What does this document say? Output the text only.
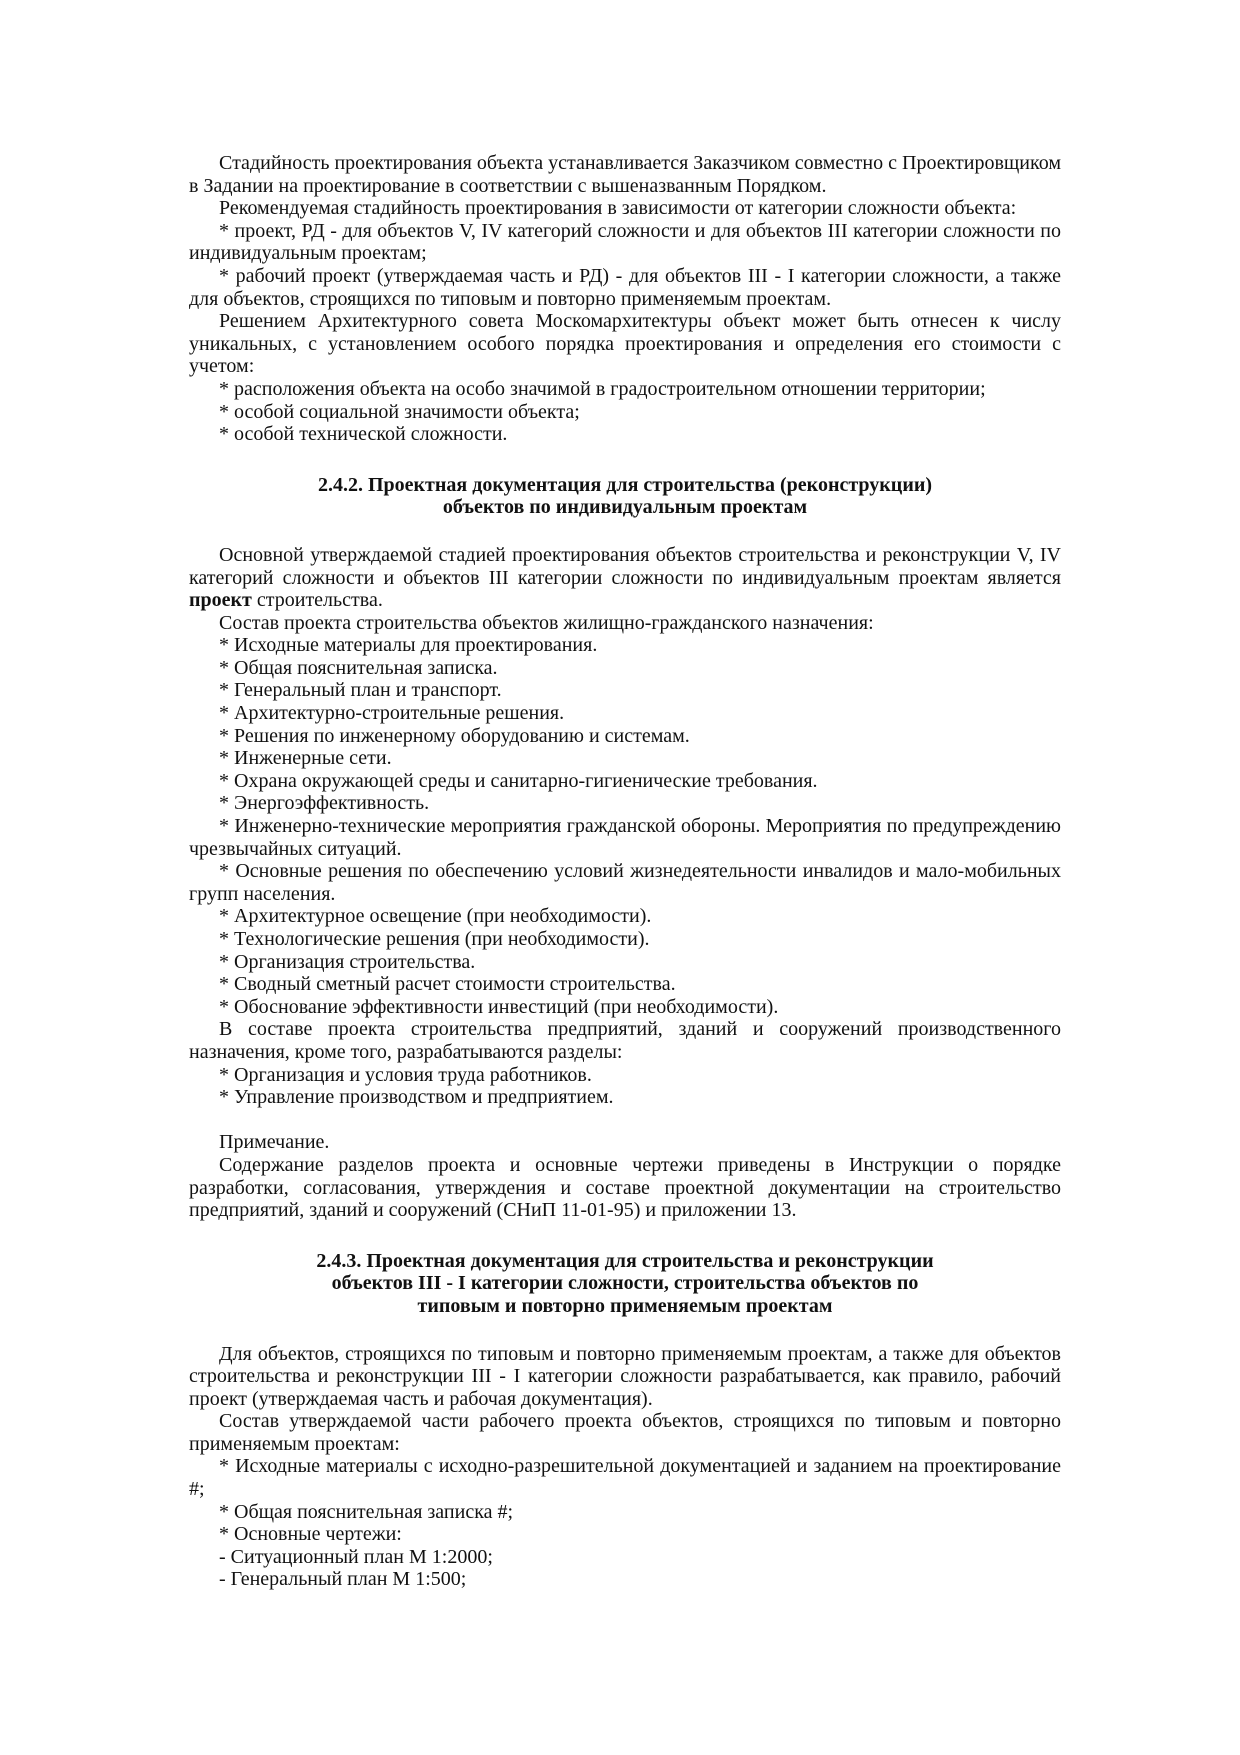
Стадийность проектирования объекта устанавливается Заказчиком совместно с Проектировщиком в Задании на проектирование в соответствии с вышеназванным Порядком.

Рекомендуемая стадийность проектирования в зависимости от категории сложности объекта:

* проект, РД - для объектов V, IV категорий сложности и для объектов III категории сложности по индивидуальным проектам;

* рабочий проект (утверждаемая часть и РД) - для объектов III - I категории сложности, а также для объектов, строящихся по типовым и повторно применяемым проектам.

Решением Архитектурного совета Москомархитектуры объект может быть отнесен к числу уникальных, с установлением особого порядка проектирования и определения его стоимости с учетом:

* расположения объекта на особо значимой в градостроительном отношении территории;

* особой социальной значимости объекта;

* особой технической сложности.

2.4.2. Проектная документация для строительства (реконструкции)
объектов по индивидуальным проектам

Основной утверждаемой стадией проектирования объектов строительства и реконструкции V, IV категорий сложности и объектов III категории сложности по индивидуальным проектам является проект строительства.

Состав проекта строительства объектов жилищно-гражданского назначения:

* Исходные материалы для проектирования.

* Общая пояснительная записка.

* Генеральный план и транспорт.

* Архитектурно-строительные решения.

* Решения по инженерному оборудованию и системам.

* Инженерные сети.

* Охрана окружающей среды и санитарно-гигиенические требования.

* Энергоэффективность.

* Инженерно-технические мероприятия гражданской обороны. Мероприятия по предупреждению чрезвычайных ситуаций.

* Основные решения по обеспечению условий жизнедеятельности инвалидов и мало-мобильных групп населения.

* Архитектурное освещение (при необходимости).

* Технологические решения (при необходимости).

* Организация строительства.

* Сводный сметный расчет стоимости строительства.

* Обоснование эффективности инвестиций (при необходимости).

В составе проекта строительства предприятий, зданий и сооружений производственного назначения, кроме того, разрабатываются разделы:

* Организация и условия труда работников.

* Управление производством и предприятием.

Примечание.

Содержание разделов проекта и основные чертежи приведены в Инструкции о порядке разработки, согласования, утверждения и составе проектной документации на строительство предприятий, зданий и сооружений (СНиП 11-01-95) и приложении 13.

2.4.3. Проектная документация для строительства и реконструкции
объектов III - I категории сложности, строительства объектов по
типовым и повторно применяемым проектам

Для объектов, строящихся по типовым и повторно применяемым проектам, а также для объектов строительства и реконструкции III - I категории сложности разрабатывается, как правило, рабочий проект (утверждаемая часть и рабочая документация).

Состав утверждаемой части рабочего проекта объектов, строящихся по типовым и повторно применяемым проектам:

* Исходные материалы с исходно-разрешительной документацией и заданием на проектирование #;

* Общая пояснительная записка #;

* Основные чертежи:

- Ситуационный план М 1:2000;

- Генеральный план М 1:500;
